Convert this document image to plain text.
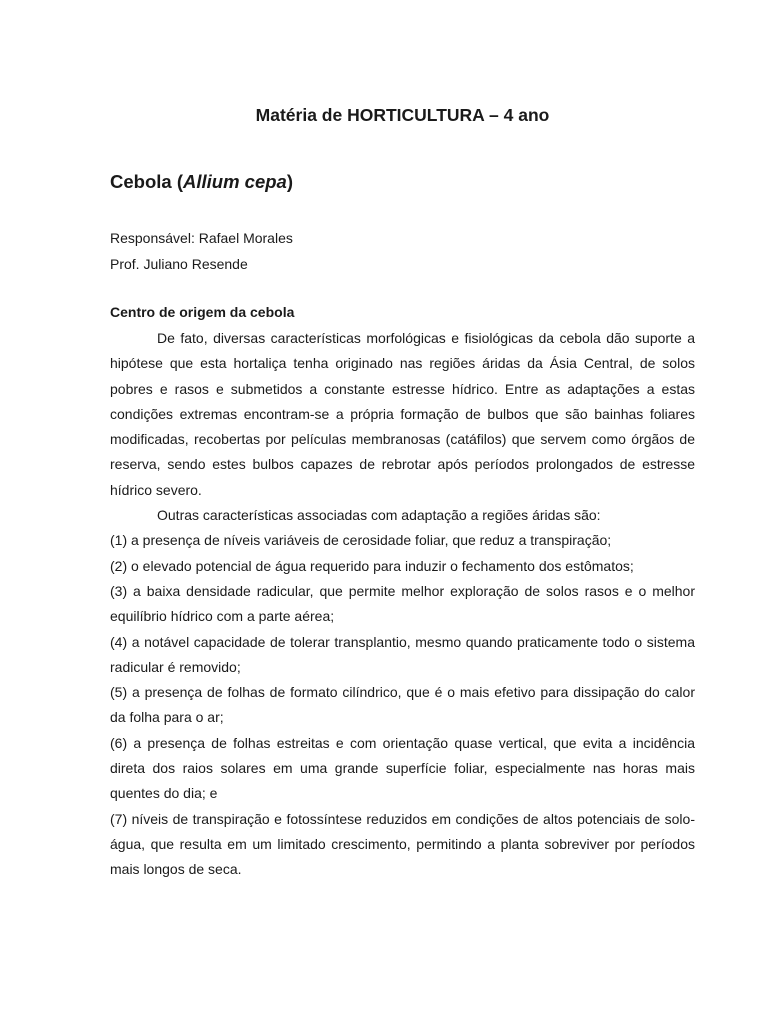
Matéria de HORTICULTURA – 4 ano
Cebola (Allium cepa)

Responsável: Rafael Morales

Prof. Juliano Resende

Centro de origem da cebola

De fato, diversas características morfológicas e fisiológicas da cebola dão suporte a hipótese que esta hortaliça tenha originado nas regiões áridas da Ásia Central, de solos pobres e rasos e submetidos a constante estresse hídrico. Entre as adaptações a estas condições extremas encontram-se a própria formação de bulbos que são bainhas foliares modificadas, recobertas por películas membranosas (catáfilos) que servem como órgãos de reserva, sendo estes bulbos capazes de rebrotar após períodos prolongados de estresse hídrico severo.

Outras características associadas com adaptação a regiões áridas são:

(1) a presença de níveis variáveis de cerosidade foliar, que reduz a transpiração;

(2) o elevado potencial de água requerido para induzir o fechamento dos estômatos;

(3) a baixa densidade radicular, que permite melhor exploração de solos rasos e o melhor equilíbrio hídrico com a parte aérea;

(4) a notável capacidade de tolerar transplantio, mesmo quando praticamente todo o sistema radicular é removido;

(5) a presença de folhas de formato cilíndrico, que é o mais efetivo para dissipação do calor da folha para o ar;

(6) a presença de folhas estreitas e com orientação quase vertical, que evita a incidência direta dos raios solares em uma grande superfície foliar, especialmente nas horas mais quentes do dia; e

(7) níveis de transpiração e fotossíntese reduzidos em condições de altos potenciais de solo-água, que resulta em um limitado crescimento, permitindo a planta sobreviver por períodos mais longos de seca.
